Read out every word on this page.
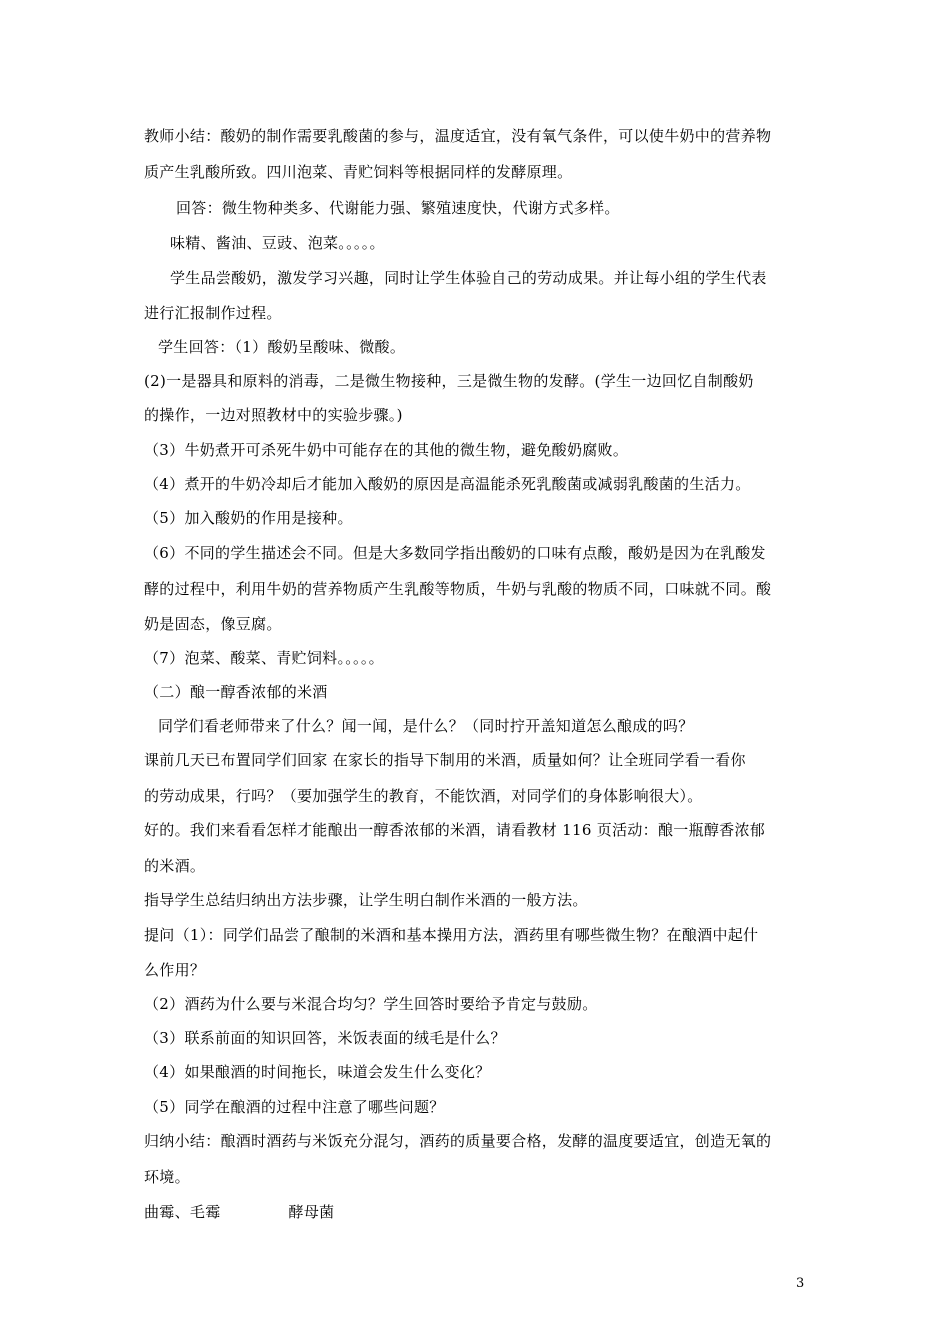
教师小结：酸奶的制作需要乳酸菌的参与，温度适宜，没有氧气条件，可以使牛奶中的营养物
质产生乳酸所致。四川泡菜、青贮饲料等根据同样的发酵原理。
回答：微生物种类多、代谢能力强、繁殖速度快，代谢方式多样。
味精、酱油、豆豉、泡菜。。。。。
学生品尝酸奶，激发学习兴趣，同时让学生体验自己的劳动成果。并让每小组的学生代表
进行汇报制作过程。
学生回答：（1）酸奶呈酸味、微酸。
(2)一是器具和原料的消毒，二是微生物接种，三是微生物的发酵。(学生一边回忆自制酸奶
的操作，一边对照教材中的实验步骤。)
（3）牛奶煮开可杀死牛奶中可能存在的其他的微生物，避免酸奶腐败。
（4）煮开的牛奶冷却后才能加入酸奶的原因是高温能杀死乳酸菌或减弱乳酸菌的生活力。
（5）加入酸奶的作用是接种。
（6）不同的学生描述会不同。但是大多数同学指出酸奶的口味有点酸，酸奶是因为在乳酸发
酵的过程中，利用牛奶的营养物质产生乳酸等物质，牛奶与乳酸的物质不同，口味就不同。酸
奶是固态，像豆腐。
（7）泡菜、酸菜、青贮饲料。。。。。
（二）酿一醇香浓郁的米酒
同学们看老师带来了什么？闻一闻，是什么？（同时拧开盖知道怎么酿成的吗？
课前几天已布置同学们回家 在家长的指导下制用的米酒，质量如何？让全班同学看一看你
的劳动成果，行吗？（要加强学生的教育，不能饮酒，对同学们的身体影响很大）。
好的。我们来看看怎样才能酿出一醇香浓郁的米酒，请看教材 116 页活动：酿一瓶醇香浓郁
的米酒。
指导学生总结归纳出方法步骤，让学生明白制作米酒的一般方法。
提问（1）：同学们品尝了酿制的米酒和基本操用方法，酒药里有哪些微生物？在酿酒中起什
么作用？
（2）酒药为什么要与米混合均匀？学生回答时要给予肯定与鼓励。
（3）联系前面的知识回答，米饭表面的绒毛是什么？
（4）如果酿酒的时间拖长，味道会发生什么变化？
（5）同学在酿酒的过程中注意了哪些问题？
归纳小结：酿酒时酒药与米饭充分混匀，酒药的质量要合格，发酵的温度要适宜，创造无氧的
环境。
曲霉、毛霉	酵母菌
3
